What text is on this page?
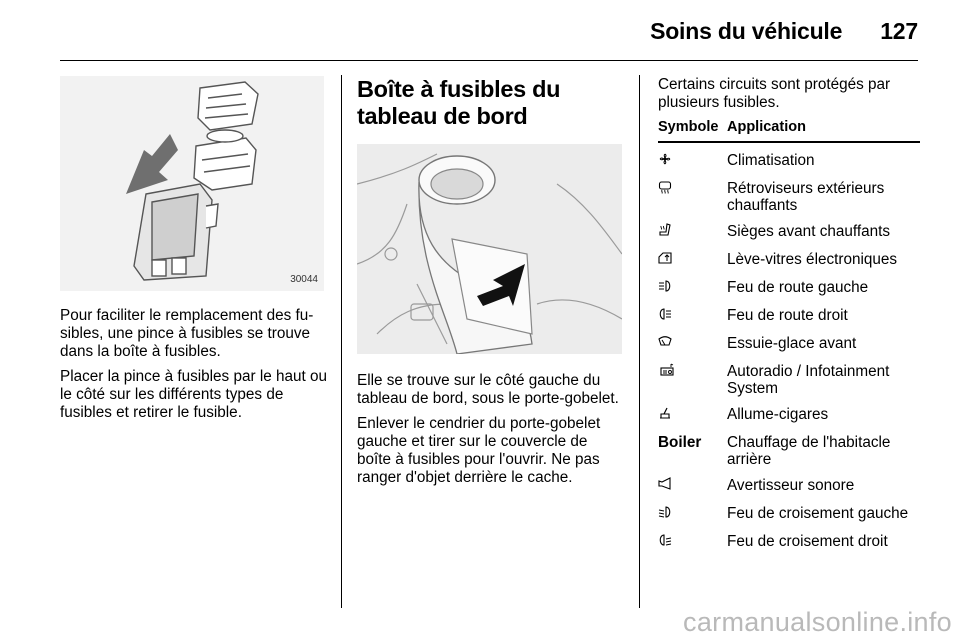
Soins du véhicule 127
30044

Pour faciliter le remplacement des fu-sibles, une pince à fusibles se trouve dans la boîte à fusibles.

Placer la pince à fusibles par le haut ou le côté sur les différents types de fusibles et retirer le fusible.

Boîte à fusibles du tableau de bord

Elle se trouve sur le côté gauche du tableau de bord, sous le porte-gobelet.

Enlever le cendrier du porte-gobelet gauche et tirer sur le couvercle de boîte à fusibles pour l'ouvrir. Ne pas ranger d'objet derrière le cache.

Certains circuits sont protégés par plusieurs fusibles.

Symbole	Application
	Climatisation
	Rétroviseurs extérieurs chauffants
	Sièges avant chauffants
	Lève-vitres électroniques
	Feu de route gauche
	Feu de route droit
	Essuie-glace avant
	Autoradio / Infotainment System
	Allume-cigares
Boiler	Chauffage de l'habitacle arrière
	Avertisseur sonore
	Feu de croisement gauche
	Feu de croisement droit
carmanualsonline.info
